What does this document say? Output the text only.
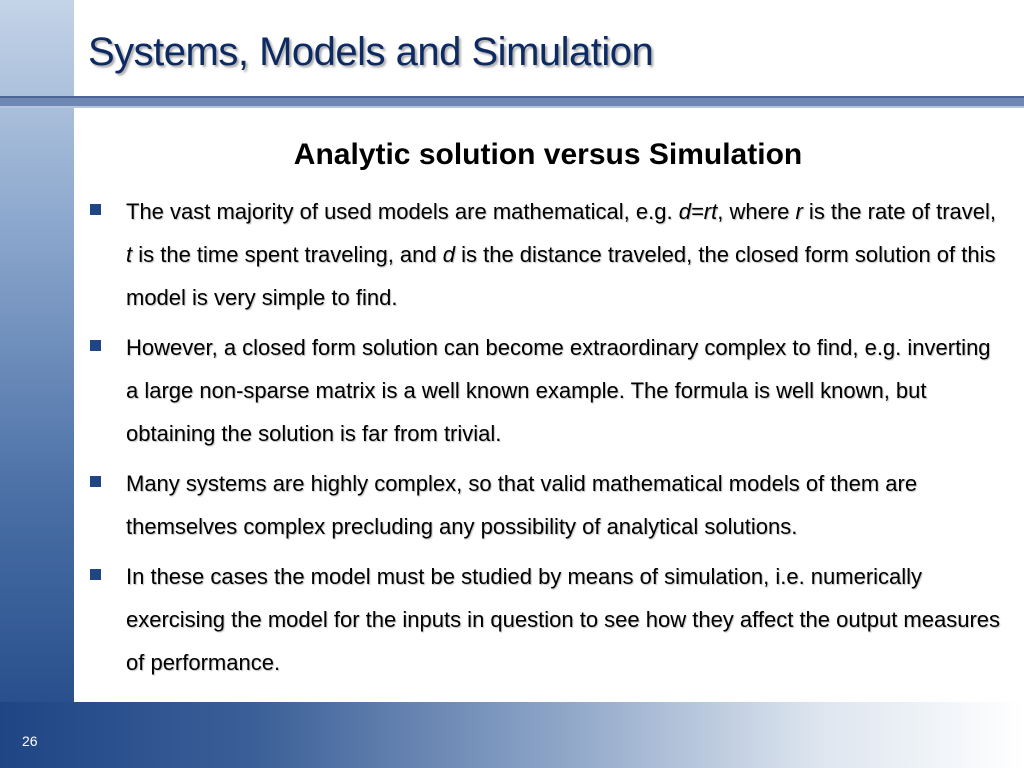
Systems, Models and Simulation
Analytic solution versus Simulation
The vast majority of used models are mathematical, e.g. d=rt, where r is the rate of travel, t is the time spent traveling, and d is the distance traveled, the closed form solution of this model is very simple to find.
However, a closed form solution can become extraordinary complex to find, e.g. inverting a large non-sparse matrix is a well known example. The formula is well known, but obtaining the solution is far from trivial.
Many systems are highly complex, so that valid mathematical models of them are themselves complex precluding any possibility of analytical solutions.
In these cases the model must be studied by means of simulation, i.e. numerically exercising the model for the inputs in question to see how they affect the output measures of performance.
26
